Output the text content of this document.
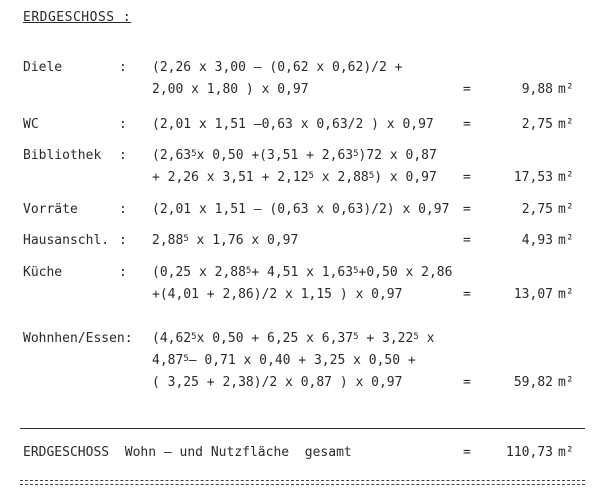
ERDGESCHOSS :
Diele	: (2,26 x 3,00 – (0,62 x 0,62)/2 +
2,00 x 1,80 ) x 0,97	=	9,88 m²
WC	: (2,01 x 1,51 –0,63 x 0,63/2 ) x 0,97 =	2,75 m²
Bibliothek : (2,63$^5$x $0,50 +(3,51 + 2,63^5)72$ x 0,87
+ 2,26 x $3,51 + 2,12^5$ x 2,88$^5$) x 0,97 =	17,53 m²
Vorräte	: (2,01 x 1,51 – (0,63 x 0,63)/2) x 0,97 =	2,75 m²
Hausanschl. : 2,88$^5$ x 1,76 x 0,97	=	4,93 m²
Küche	: (0,25 x $2,88^5+ 4,51$ x $1,63^5+0,50$ x 2,86
+(4,01 + 2,86)/2 x 1,15 ) x 0,97	=	13,07 m²
Wohnhen/Essen: (4,62$^5$x 0,50 + 6,25 x $6,37^5 + 3,22^5$ x
4,87$^5$– 0,71 x 0,40 + 3,25 x 0,50 +
( 3,25 + 2,38)/2 x 0,87 ) x 0,97	=	59,82 m²
ERDGESCHOSS  Wohn – und Nutzfläche  gesamt	=	110,73 m²
